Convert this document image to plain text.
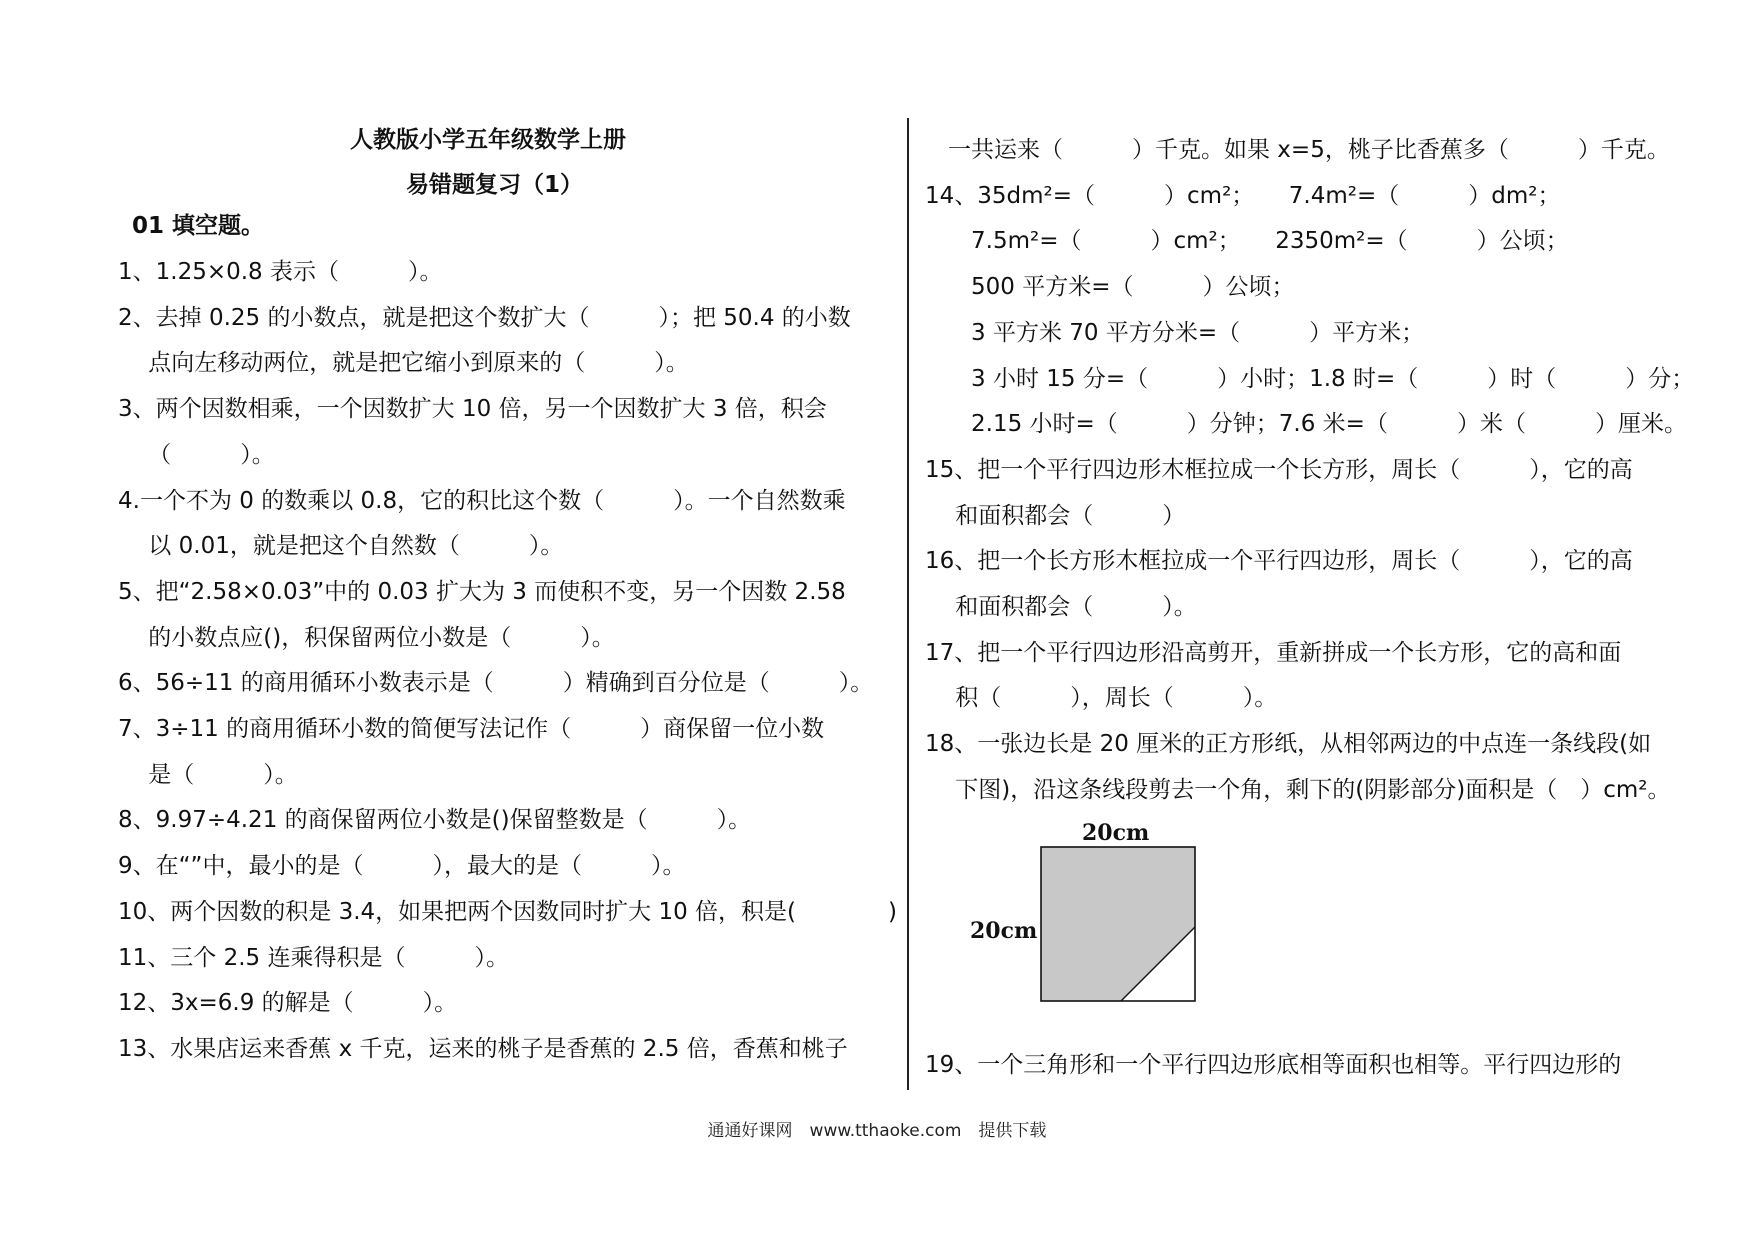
人教版小学五年级数学上册
易错题复习（1）
01 填空题。
1、1.25×0.8 表示（　　　）。
2、去掉 0.25 的小数点，就是把这个数扩大（　　　）；把 50.4 的小数
　 点向左移动两位，就是把它缩小到原来的（　　　）。
3、两个因数相乘，一个因数扩大 10 倍，另一个因数扩大 3 倍，积会
　 （　　　）。
4.一个不为 0 的数乘以 0.8，它的积比这个数（　　　）。一个自然数乘
　 以 0.01，就是把这个自然数（　　　）。
5、把“2.58×0.03”中的 0.03 扩大为 3 而使积不变，另一个因数 2.58
　 的小数点应()，积保留两位小数是（　　　）。
6、56÷11 的商用循环小数表示是（　　　）精确到百分位是（　　　）。
7、3÷11 的商用循环小数的简便写法记作（　　　）商保留一位小数
　 是（　　　）。
8、9.97÷4.21 的商保留两位小数是()保留整数是（　　　）。
9、在“”中，最小的是（　　　），最大的是（　　　）。
10、两个因数的积是 3.4，如果把两个因数同时扩大 10 倍，积是(　　　　)
11、三个 2.5 连乘得积是（　　　）。
12、3x=6.9 的解是（　　　）。
13、水果店运来香蕉 x 千克，运来的桃子是香蕉的 2.5 倍，香蕉和桃子
　一共运来（　　　）千克。如果 x=5，桃子比香蕉多（　　　）千克。
14、35dm²=（　　　）cm²；　　7.4m²=（　　　）dm²；
　　7.5m²=（　　　）cm²；　　2350m²=（　　　）公顷；
　　500 平方米=（　　　）公顷；
　　3 平方米 70 平方分米=（　　　）平方米；
　　3 小时 15 分=（　　　）小时；1.8 时=（　　　）时（　　　）分；
　　2.15 小时=（　　　）分钟；7.6 米=（　　　）米（　　　）厘米。
15、把一个平行四边形木框拉成一个长方形，周长（　　　），它的高
　 和面积都会（　　　）
16、把一个长方形木框拉成一个平行四边形，周长（　　　），它的高
　 和面积都会（　　　）。
17、把一个平行四边形沿高剪开，重新拼成一个长方形，它的高和面
　 积（　　　），周长（　　　）。
18、一张边长是 20 厘米的正方形纸，从相邻两边的中点连一条线段(如
　 下图)，沿这条线段剪去一个角，剩下的(阴影部分)面积是（　）cm²。
19、一个三角形和一个平行四边形底相等面积也相等。平行四边形的
20cm
20cm
通通好课网　www.tthaoke.com　提供下载
